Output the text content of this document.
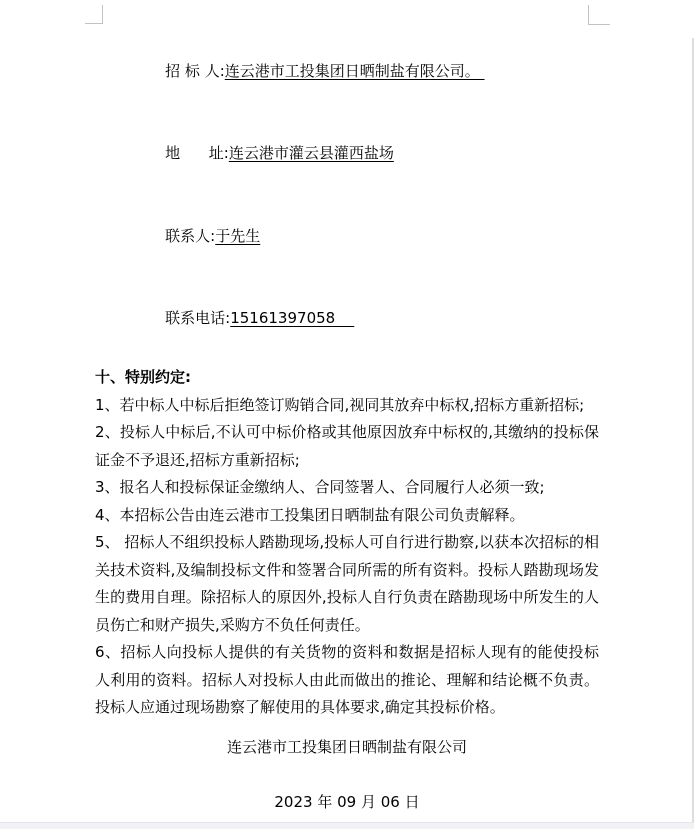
招 标 人:连云港市工投集团日晒制盐有限公司。

地      址:连云港市灌云县灌西盐场

联系人:于先生

联系电话:15161397058

十、特别约定:
1、若中标人中标后拒绝签订购销合同,视同其放弃中标权,招标方重新招标;
2、投标人中标后,不认可中标价格或其他原因放弃中标权的,其缴纳的投标保证金不予退还,招标方重新招标;
3、报名人和投标保证金缴纳人、合同签署人、合同履行人必须一致;
4、本招标公告由连云港市工投集团日晒制盐有限公司负责解释。
5、 招标人不组织投标人踏勘现场,投标人可自行进行勘察,以获本次招标的相关技术资料,及编制投标文件和签署合同所需的所有资料。投标人踏勘现场发生的费用自理。除招标人的原因外,投标人自行负责在踏勘现场中所发生的人员伤亡和财产损失,采购方不负任何责任。
6、招标人向投标人提供的有关货物的资料和数据是招标人现有的能使投标人利用的资料。招标人对投标人由此而做出的推论、理解和结论概不负责。投标人应通过现场勘察了解使用的具体要求,确定其投标价格。
连云港市工投集团日晒制盐有限公司
2023 年 09 月 06 日
